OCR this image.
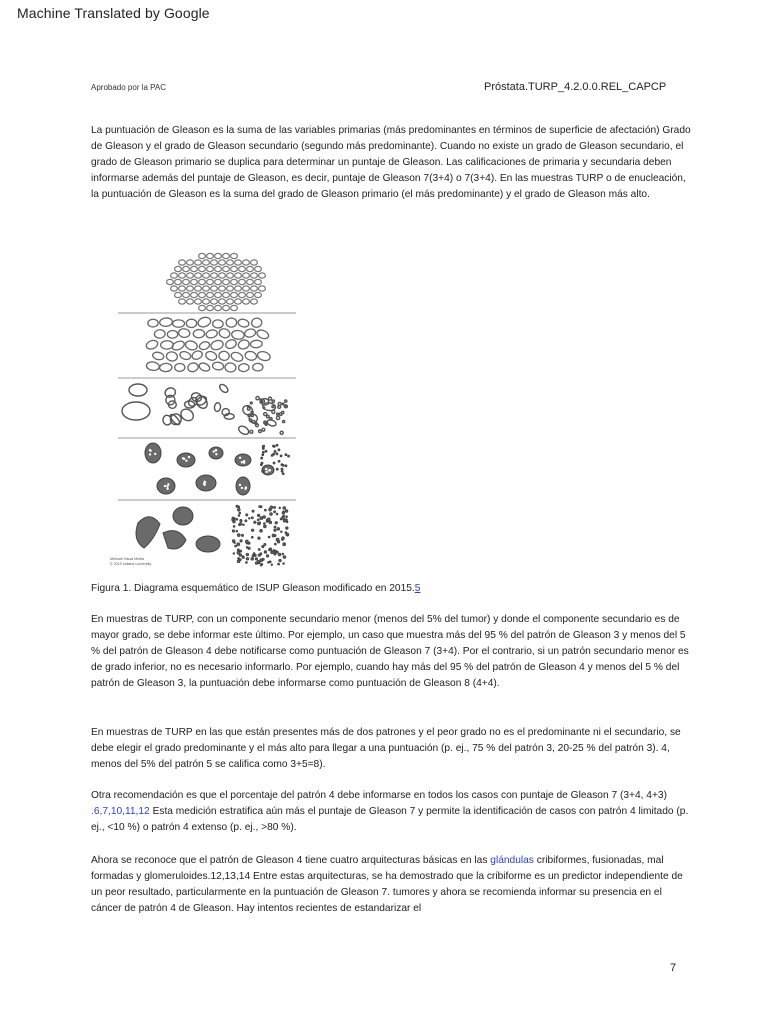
Machine Translated by Google
Aprobado por la PAC	Próstata.TURP_4.2.0.0.REL_CAPCP

La puntuación de Gleason es la suma de las variables primarias (más predominantes en términos de superficie de afectación) Grado de Gleason y el grado de Gleason secundario (segundo más predominante). Cuando no existe un grado de Gleason secundario, el grado de Gleason primario se duplica para determinar un puntaje de Gleason. Las calificaciones de primaria y secundaria deben informarse además del puntaje de Gleason, es decir, puntaje de Gleason 7(3+4) o 7(3+4). En las muestras TURP o de enucleación, la puntuación de Gleason es la suma del grado de Gleason primario (el más predominante) y el grado de Gleason más alto.

Mehsati Visual Media
© 2015 Indiana University

Figura 1. Diagrama esquemático de ISUP Gleason modificado en 2015.5

En muestras de TURP, con un componente secundario menor (menos del 5% del tumor) y donde el componente secundario es de mayor grado, se debe informar este último. Por ejemplo, un caso que muestra más del 95 % del patrón de Gleason 3 y menos del 5 % del patrón de Gleason 4 debe notificarse como puntuación de Gleason 7 (3+4). Por el contrario, si un patrón secundario menor es de grado inferior, no es necesario informarlo. Por ejemplo, cuando hay más del 95 % del patrón de Gleason 4 y menos del 5 % del patrón de Gleason 3, la puntuación debe informarse como puntuación de Gleason 8 (4+4).

En muestras de TURP en las que están presentes más de dos patrones y el peor grado no es el predominante ni el secundario, se debe elegir el grado predominante y el más alto para llegar a una puntuación (p. ej., 75 % del patrón 3, 20-25 % del patrón 3). 4, menos del 5% del patrón 5 se califica como 3+5=8).

Otra recomendación es que el porcentaje del patrón 4 debe informarse en todos los casos con puntaje de Gleason 7 (3+4, 4+3)
.6,7,10,11,12 Esta medición estratifica aún más el puntaje de Gleason 7 y permite la identificación de casos con patrón 4 limitado (p. ej., <10 %) o patrón 4 extenso (p. ej., >80 %).

Ahora se reconoce que el patrón de Gleason 4 tiene cuatro arquitecturas básicas en las glándulas cribiformes, fusionadas, mal formadas y glomeruloides.12,13,14 Entre estas arquitecturas, se ha demostrado que la cribiforme es un predictor independiente de un peor resultado, particularmente en la puntuación de Gleason 7. tumores y ahora se recomienda informar su presencia en el cáncer de patrón 4 de Gleason. Hay intentos recientes de estandarizar el

7
